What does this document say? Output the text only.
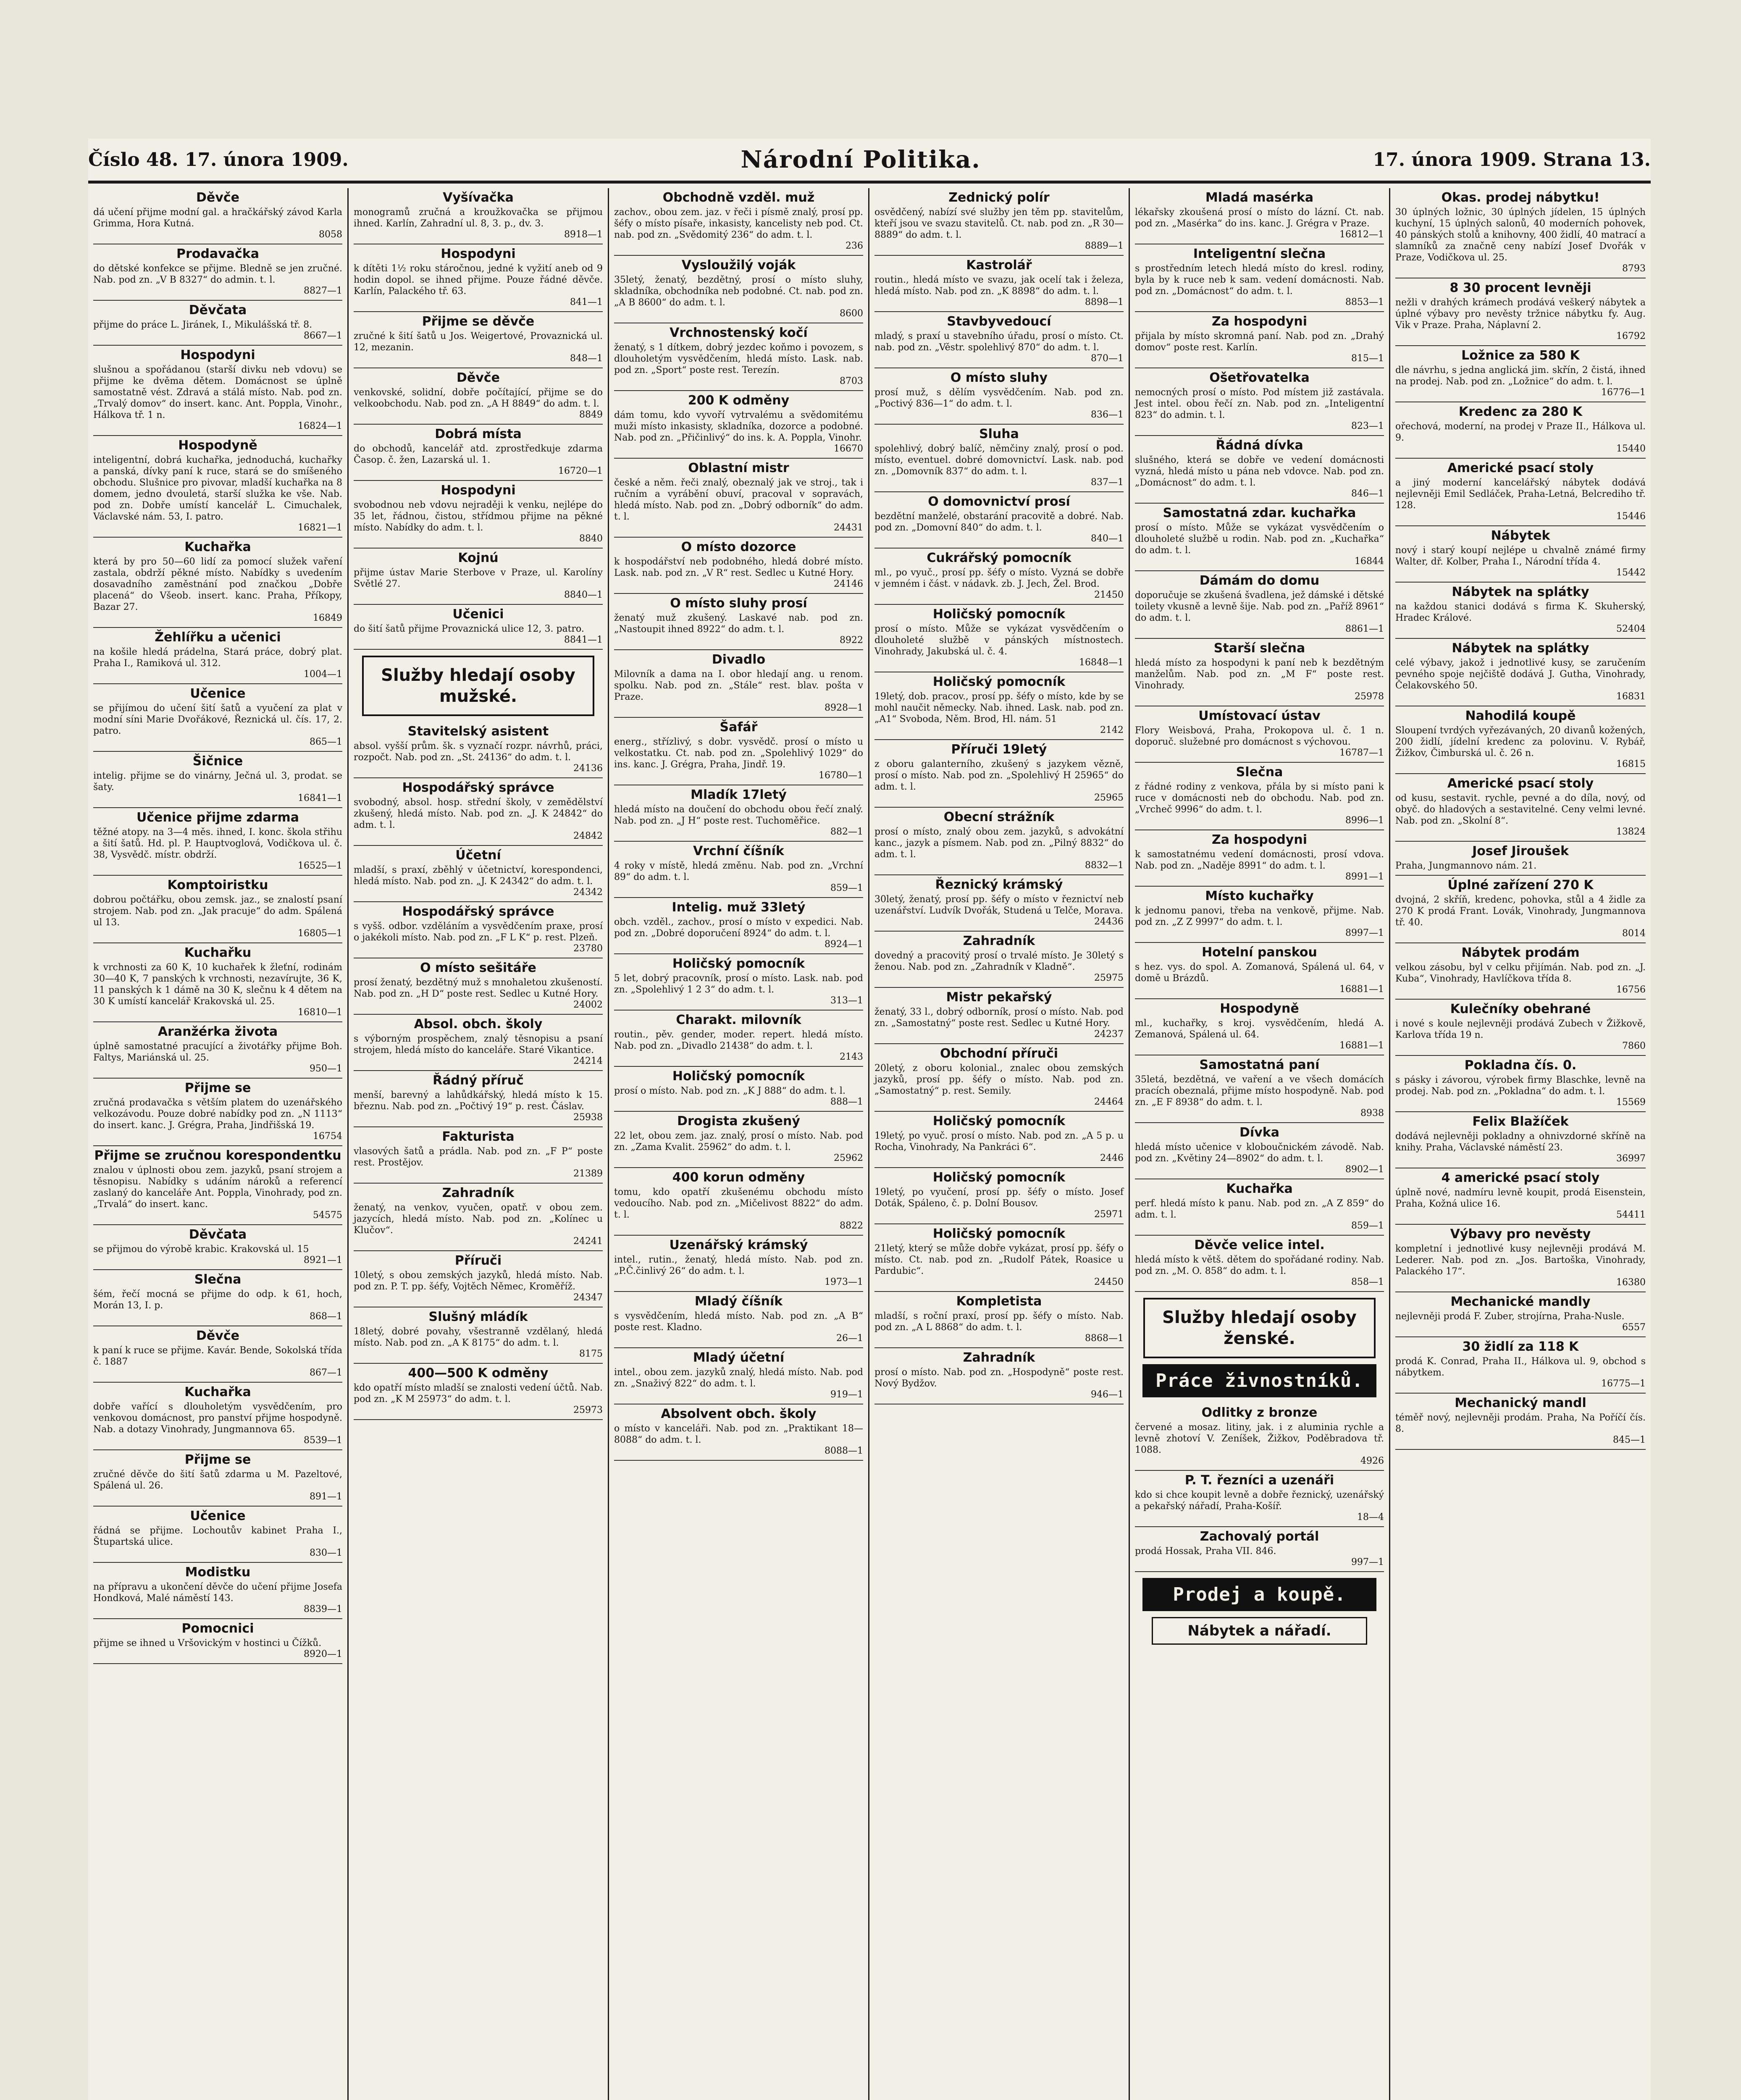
Číslo 48. 17. února 1909.	Národní Politika.	17. února 1909. Strana 13.
Děvče

dá učení přijme modní gal. a hračkářský závod Karla Grimma, Hora Kutná.

8058
Prodavačka

do dětské konfekce se přijme. Bledně se jen zručné. Nab. pod zn. „V B 8327“ do admin. t. l.

8827—1
Děvčata

přijme do práce L. Jiránek, I., Mikulášská tř. 8.

8667—1
Hospodyni

slušnou a spořádanou (starší divku neb vdovu) se přijme ke dvěma dětem. Domácnost se úplně samostatně vést. Zdravá a stálá místo. Nab. pod zn. „Trvalý domov“ do insert. kanc. Ant. Poppla, Vinohr., Hálkova tř. 1 n.

16824—1
Hospodyně

inteligentní, dobrá kuchařka, jednoduchá, kuchařky a panská, dívky paní k ruce, stará se do smíšeného obchodu. Slušnice pro pivovar, mladší kuchařka na 8 domem, jedno dvouletá, starší služka ke vše. Nab. pod zn. Dobře umístí kancelář L. Cimuchalek, Václavské nám. 53, I. patro.

16821—1
Kuchařka

která by pro 50—60 lidí za pomocí služek vaření zastala, obdrží pěkné místo. Nabídky s uvedením dosavadního zaměstnání pod značkou „Dobře placená“ do Všeob. insert. kanc. Praha, Příkopy, Bazar 27.

16849
Žehlířku a učenici

na košile hledá prádelna, Stará práce, dobrý plat. Praha I., Ramiková ul. 312.

1004—1
Učenice

se přijímou do učení šití šatů a vyučení za plat v modní síni Marie Dvořákové, Řeznická ul. čís. 17, 2. patro.

865—1
Šičnice

intelig. přijme se do vinárny, Ječná ul. 3, prodat. se šaty.

16841—1
Učenice přijme zdarma

těžné atopy. na 3—4 měs. ihned, I. konc. škola střihu a šití šatů. Hd. pl. P. Hauptvoglová, Vodičkova ul. č. 38, Vysvědč. místr. obdrží.

16525—1
Komptoiristku

dobrou počtářku, obou zemsk. jaz., se znalostí psaní strojem. Nab. pod zn. „Jak pracuje“ do adm. Spálená ul 13.

16805—1
Kuchařku

k vrchnosti za 60 K, 10 kuchařek k žleťní, rodinám 30—40 K, 7 panských k vrchnosti, nezavírujte, 36 K, 11 panských k 1 dámě na 30 K, slečnu k 4 dětem na 30 K umístí kancelář Krakovská ul. 25.

16810—1
Aranžérka života

úplně samostatné pracující a životářky přijme Boh. Faltys, Mariánská ul. 25.

950—1
Přijme se

zručná prodavačka s větším platem do uzenářského velkozávodu. Pouze dobré nabídky pod zn. „N 1113“ do insert. kanc. J. Grégra, Praha, Jindřišská 19.

16754
Přijme se zručnou korespondentku

znalou v úplnosti obou zem. jazyků, psaní strojem a těsnopisu. Nabídky s udáním nároků a referencí zaslaný do kanceláře Ant. Poppla, Vinohrady, pod zn. „Trvalá“ do insert. kanc.

54575
Děvčata

se přijmou do výrobě krabic. Krakovská ul. 15

8921—1
Slečna

šém, řečí mocná se přijme do odp. k 61, hoch, Morán 13, I. p.

868—1
Děvče

k paní k ruce se přijme. Kavár. Bende, Sokolská třída č. 1887

867—1
Kuchařka

dobře vařící s dlouholetým vysvědčením, pro venkovou domácnost, pro panství přijme hospodyně. Nab. a dotazy Vinohrady, Jungmannova 65.

8539—1
Přijme se

zručné děvče do šití šatů zdarma u M. Pazeltové, Spálená ul. 26.

891—1
Učenice

řádná se přijme. Lochoutův kabinet Praha I., Štupartská ulice.

830—1
Modistku

na přípravu a ukončení děvče do učení přijme Josefa Hondková, Malé náměstí 143.

8839—1
Pomocnici

přijme se ihned u Vršovickým v hostinci u Čížků.

8920—1
Vyšívačka

monogramů zručná a kroužkovačka se přijmou ihned. Karlín, Zahradní ul. 8, 3. p., dv. 3.

8918—1
Hospodyni

k dítěti 1½ roku stáročnou, jedné k vyžití aneb od 9 hodin dopol. se ihned přijme. Pouze řádné děvče. Karlín, Palackého tř. 63.

841—1
Přijme se děvče

zručné k šití šatů u Jos. Weigertové, Provaznická ul. 12, mezanin.

848—1
Děvče

venkovské, solidní, dobře počítající, přijme se do velkoobchodu. Nab. pod zn. „A H 8849“ do adm. t. l.

8849
Dobrá místa

do obchodů, kancelář atd. zprostředkuje zdarma Časop. č. žen, Lazarská ul. 1.

16720—1
Hospodyni

svobodnou neb vdovu nejraději k venku, nejlépe do 35 let, řádnou, čistou, střídmou přijme na pěkné místo. Nabídky do adm. t. l.

8840
Kojnú

přijme ústav Marie Sterbove v Praze, ul. Karolíny Světlé 27.

8840—1
Učenici

do šití šatů přijme Provaznická ulice 12, 3. patro.

8841—1
Služby hledají osoby mužské.
Stavitelský asistent

absol. vyšší prům. šk. s vyznačí rozpr. návrhů, práci, rozpočt. Nab. pod zn. „St. 24136“ do adm. t. l.

24136
Hospodářský správce

svobodný, absol. hosp. střední školy, v zemědělství zkušený, hledá místo. Nab. pod zn. „J. K 24842“ do adm. t. l.

24842
Účetní

mladší, s praxí, zběhlý v účetnictví, korespondenci, hledá místo. Nab. pod zn. „J. K 24342“ do adm. t. l.

24342
Hospodářský správce

s vyšš. odbor. vzděláním a vysvědčením praxe, prosí o jakékoli místo. Nab. pod zn. „F L K“ p. rest. Plzeň.

23780
O místo sešitáře

prosí ženatý, bezdětný muž s mnohaletou zkušeností. Nab. pod zn. „H D“ poste rest. Sedlec u Kutné Hory.

24002
Absol. obch. školy

s výborným prospěchem, znalý těsnopisu a psaní strojem, hledá místo do kanceláře. Staré Vikantice.

24214
Řádný příruč

menší, barevný a lahůdkářský, hledá místo k 15. březnu. Nab. pod zn. „Počtivý 19“ p. rest. Čáslav.

25938
Fakturista

vlasových šatů a prádla. Nab. pod zn. „F P“ poste rest. Prostějov.

21389
Zahradník

ženatý, na venkov, vyučen, opatř. v obou zem. jazycích, hledá místo. Nab. pod zn. „Kolínec u Klučov“.

24241
Příruči

10letý, s obou zemských jazyků, hledá místo. Nab. pod zn. P. T. pp. šéfy, Vojtěch Němec, Kroměříž.

24347
Slušný mládík

18letý, dobré povahy, všestranně vzdělaný, hledá místo. Nab. pod zn. „A K 8175“ do adm. t. l.

8175
400—500 K odměny

kdo opatří místo mladší se znalosti vedení účtů. Nab. pod zn. „K M 25973“ do adm. t. l.

25973
Obchodně vzděl. muž

zachov., obou zem. jaz. v řeči i písmě znalý, prosí pp. šéfy o místo písaře, inkasisty, kancelisty neb pod. Ct. nab. pod zn. „Svědomitý 236“ do adm. t. l.

236
Vysloužilý voják

35letý, ženatý, bezdětný, prosí o místo sluhy, skladníka, obchodníka neb podobné. Ct. nab. pod zn. „A B 8600“ do adm. t. l.

8600
Vrchnostenský kočí

ženatý, s 1 dítkem, dobrý jezdec koňmo i povozem, s dlouholetým vysvědčením, hledá místo. Lask. nab. pod zn. „Sport“ poste rest. Terezín.

8703
200 K odměny

dám tomu, kdo vyvoří vytrvalému a svědomitému muži místo inkasisty, skladníka, dozorce a podobné. Nab. pod zn. „Přičinlivý“ do ins. k. A. Poppla, Vinohr.

16670
Oblastní mistr

české a něm. řeči znalý, obeznalý jak ve stroj., tak i ručním a vyrábění obuví, pracoval v sopravách, hledá místo. Nab. pod zn. „Dobrý odborník“ do adm. t. l.

24431
O místo dozorce

k hospodářství neb podobného, hledá dobré místo. Lask. nab. pod zn. „V R“ rest. Sedlec u Kutné Hory.

24146
O místo sluhy prosí

ženatý muž zkušený. Laskavé nab. pod zn. „Nastoupit ihned 8922“ do adm. t. l.

8922
Divadlo

Milovník a dama na I. obor hledají ang. u renom. spolku. Nab. pod zn. „Stále“ rest. blav. pošta v Praze.

8928—1
Šafář

energ., střízlivý, s dobr. vysvědč. prosí o místo u velkostatku. Ct. nab. pod zn. „Spolehlivý 1029“ do ins. kanc. J. Grégra, Praha, Jindř. 19.

16780—1
Mladík 17letý

hledá místo na doučení do obchodu obou řečí znalý. Nab. pod zn. „J H“ poste rest. Tuchoměřice.

882—1
Vrchní číšník

4 roky v místě, hledá změnu. Nab. pod zn. „Vrchní 89“ do adm. t. l.

859—1
Intelig. muž 33letý

obch. vzděl., zachov., prosí o místo v expedici. Nab. pod zn. „Dobré doporučení 8924“ do adm. t. l.

8924—1
Holičský pomocník

5 let, dobrý pracovník, prosí o místo. Lask. nab. pod zn. „Spolehlivý 1 2 3“ do adm. t. l.

313—1
Charakt. milovník

routin., pěv. gender, moder. repert. hledá místo. Nab. pod zn. „Divadlo 21438“ do adm. t. l.

2143
Holičský pomocník

prosí o místo. Nab. pod zn. „K J 888“ do adm. t. l.

888—1
Drogista zkušený

22 let, obou zem. jaz. znalý, prosí o místo. Nab. pod zn. „Zama Kvalit. 25962“ do adm. t. l.

25962
400 korun odměny

tomu, kdo opatří zkušenému obchodu místo vedoucího. Nab. pod zn. „Mičelivost 8822“ do adm. t. l.

8822
Uzenářský krámský

intel., rutin., ženatý, hledá místo. Nab. pod zn. „P.Č.činlivý 26“ do adm. t. l.

1973—1
Mladý číšník

s vysvědčením, hledá místo. Nab. pod zn. „A B“ poste rest. Kladno.

26—1
Mladý účetní

intel., obou zem. jazyků znalý, hledá místo. Nab. pod zn. „Snaživý 822“ do adm. t. l.

919—1
Absolvent obch. školy

o místo v kanceláři. Nab. pod zn. „Praktikant 18—8088“ do adm. t. l.

8088—1
Zednický polír

osvědčený, nabízí své služby jen těm pp. stavitelům, kteří jsou ve svazu stavitelů. Ct. nab. pod zn. „R 30—8889“ do adm. t. l.

8889—1
Kastrolář

routin., hledá místo ve svazu, jak ocelí tak i železa, hledá místo. Nab. pod zn. „K 8898“ do adm. t. l.

8898—1
Stavbyvedoucí

mladý, s praxí u stavebního úřadu, prosí o místo. Ct. nab. pod zn. „Věstr. spolehlivý 870“ do adm. t. l.

870—1
O místo sluhy

prosí muž, s dělím vysvědčením. Nab. pod zn. „Poctivý 836—1“ do adm. t. l.

836—1
Sluha

spolehlivý, dobrý balíč, němčiny znalý, prosí o pod. místo, eventuel. dobré domovnictví. Lask. nab. pod zn. „Domovník 837“ do adm. t. l.

837—1
O domovnictví prosí

bezdětní manželé, obstarání pracovitě a dobré. Nab. pod zn. „Domovní 840“ do adm. t. l.

840—1
Cukrářský pomocník

ml., po vyuč., prosí pp. šéfy o místo. Vyzná se dobře v jemném i část. v nádavk. zb. J. Jech, Žel. Brod.

21450
Holičský pomocník

prosí o místo. Může se vykázat vysvědčením o dlouholeté službě v pánských místnostech. Vinohrady, Jakubská ul. č. 4.

16848—1
Holičský pomocník

19letý, dob. pracov., prosí pp. šéfy o místo, kde by se mohl naučit německy. Nab. ihned. Lask. nab. pod zn. „A1“ Svoboda, Něm. Brod, Hl. nám. 51

2142
Příruči 19letý

z oboru galanterního, zkušený s jazykem vězně, prosí o místo. Nab. pod zn. „Spolehlivý H 25965“ do adm. t. l.

25965
Obecní strážník

prosí o místo, znalý obou zem. jazyků, s advokátní kanc., jazyk a písmem. Nab. pod zn. „Pilný 8832“ do adm. t. l.

8832—1
Řeznický krámský

30letý, ženatý, prosí pp. šéfy o místo v řeznictví neb uzenářství. Ludvík Dvořák, Studená u Telče, Morava.

24436
Zahradník

dovedný a pracovitý prosí o trvalé místo. Je 30letý s ženou. Nab. pod zn. „Zahradník v Kladně“.

25975
Mistr pekařský

ženatý, 33 l., dobrý odborník, prosí o místo. Nab. pod zn. „Samostatný“ poste rest. Sedlec u Kutné Hory.

24237
Obchodní příruči

20letý, z oboru kolonial., znalec obou zemských jazyků, prosí pp. šéfy o místo. Nab. pod zn. „Samostatný“ p. rest. Semily.

24464
Holičský pomocník

19letý, po vyuč. prosí o místo. Nab. pod zn. „A 5 p. u Rocha, Vinohrady, Na Pankráci 6“.

2446
Holičský pomocník

19letý, po vyučení, prosí pp. šéfy o místo. Josef Doták, Spáleno, č. p. Dolní Bousov.

25971
Holičský pomocník

21letý, který se může dobře vykázat, prosí pp. šéfy o místo. Ct. nab. pod zn. „Rudolf Pátek, Roasice u Pardubic“.

24450
Kompletista

mladší, s roční praxí, prosí pp. šéfy o místo. Nab. pod zn. „A L 8868“ do adm. t. l.

8868—1
Zahradník

prosí o místo. Nab. pod zn. „Hospodyně“ poste rest. Nový Bydžov.

946—1
Mladá masérka

lékařsky zkoušená prosí o místo do lázní. Ct. nab. pod zn. „Masérka“ do ins. kanc. J. Grégra v Praze.

16812—1
Inteligentní slečna

s prostředním letech hledá místo do kresl. rodiny, byla by k ruce neb k sam. vedení domácnosti. Nab. pod zn. „Domácnost“ do adm. t. l.

8853—1
Za hospodyni

přijala by místo skromná paní. Nab. pod zn. „Drahý domov“ poste rest. Karlín.

815—1
Ošetřovatelka

nemocných prosí o místo. Pod místem již zastávala. Jest intel. obou řečí zn. Nab. pod zn. „Inteligentní 823“ do admin. t. l.

823—1
Řádná dívka

slušného, která se dobře ve vedení domácnosti vyzná, hledá místo u pána neb vdovce. Nab. pod zn. „Domácnost“ do adm. t. l.

846—1
Samostatná zdar. kuchařka

prosí o místo. Může se vykázat vysvědčením o dlouholeté službě u rodin. Nab. pod zn. „Kuchařka“ do adm. t. l.

16844
Dámám do domu

doporučuje se zkušená švadlena, jež dámské i dětské toilety vkusně a levně šije. Nab. pod zn. „Paříž 8961“ do adm. t. l.

8861—1
Starší slečna

hledá místo za hospodyni k paní neb k bezdětným manželům. Nab. pod zn. „M F“ poste rest. Vinohrady.

25978
Umístovací ústav

Flory Weisbová, Praha, Prokopova ul. č. 1 n. doporuč. služebné pro domácnost s výchovou.

16787—1
Slečna

z řádné rodiny z venkova, přála by si místo pani k ruce v domácnosti neb do obchodu. Nab. pod zn. „Vrcheč 9996“ do adm. t. l.

8996—1
Za hospodyni

k samostatnému vedení domácnosti, prosí vdova. Nab. pod zn. „Naděje 8991“ do adm. t. l.

8991—1
Místo kuchařky

k jednomu panovi, třeba na venkově, přijme. Nab. pod zn. „Z Z 9997“ do adm. t. l.

8997—1
Hotelní panskou

s hez. vys. do spol. A. Zomanová, Spálená ul. 64, v domě u Brázdů.

16881—1
Hospodyně

ml., kuchařky, s kroj. vysvědčením, hledá A. Zemanová, Spálená ul. 64.

16881—1
Samostatná paní

35letá, bezdětná, ve vaření a ve všech domácích pracích obeznalá, přijme místo hospodyně. Nab. pod zn. „E F 8938“ do adm. t. l.

8938
Dívka

hledá místo učenice v kloboučnickém závodě. Nab. pod zn. „Květiny 24—8902“ do adm. t. l.

8902—1
Kuchařka

perf. hledá místo k panu. Nab. pod zn. „A Z 859“ do adm. t. l.

859—1
Děvče velice intel.

hledá místo k větš. dětem do spořádané rodiny. Nab. pod zn. „M. O. 858“ do adm. t. l.

858—1
Služby hledají osoby ženské.
Práce živnostníků.
Odlitky z bronze

červené a mosaz. litiny, jak. i z aluminia rychle a levně zhotoví V. Zeníšek, Žižkov, Poděbradova tř. 1088.

4926
P. T. řezníci a uzenáři

kdo si chce koupit levně a dobře řeznický, uzenářský a pekařský nářadí, Praha-Košíř.

18—4
Zachovalý portál

prodá Hossak, Praha VII. 846.

997—1
Prodej a koupě.
Nábytek a nářadí.
Okas. prodej nábytku!

30 úplných ložnic, 30 úplných jídelen, 15 úplných kuchyní, 15 úplných salonů, 40 moderních pohovek, 40 pánských stolů a knihovny, 400 židlí, 40 matrací a slamníků za značně ceny nabízí Josef Dvořák v Praze, Vodičkova ul. 25.

8793
8 30 procent levněji

nežli v drahých krámech prodává veškerý nábytek a úplné výbavy pro nevěsty tržnice nábytku fy. Aug. Vik v Praze. Praha, Náplavní 2.

16792
Ložnice za 580 K

dle návrhu, s jedna anglická jim. skřín, 2 čistá, ihned na prodej. Nab. pod zn. „Ložnice“ do adm. t. l.

16776—1
Kredenc za 280 K

ořechová, moderní, na prodej v Praze II., Hálkova ul. 9.

15440
Americké psací stoly

a jiný moderní kancelářský nábytek dodává nejlevněji Emil Sedláček, Praha-Letná, Belcrediho tř. 128.

15446
Nábytek

nový i starý koupí nejlépe u chvalně známé firmy Walter, dř. Kolber, Praha I., Národní třída 4.

15442
Nábytek na splátky

na každou stanici dodává s firma K. Skuherský, Hradec Králové.

52404
Nábytek na splátky

celé výbavy, jakož i jednotlivé kusy, se zaručením pevného spoje nejčiště dodává J. Gutha, Vinohrady, Čelakovského 50.

16831
Nahodilá koupě

Sloupení tvrdých vyřezávaných, 20 divanů kožených, 200 židlí, jídelní kredenc za polovinu. V. Rybář, Žižkov, Čimburská ul. č. 26 n.

16815
Americké psací stoly

od kusu, sestavit. rychle, pevné a do díla, nový, od obyč. do hladových a sestavitelné. Ceny velmi levné. Nab. pod zn. „Skolní 8“.

13824
Josef Jiroušek

Praha, Jungmannovo nám. 21.

Úplné zařízení 270 K

dvojná, 2 skříň, kredenc, pohovka, stůl a 4 židle za 270 K prodá Frant. Lovák, Vinohrady, Jungmannova tř. 40.

8014
Nábytek prodám

velkou zásobu, byl v celku přijímán. Nab. pod zn. „J. Kuba“, Vinohrady, Havlíčkova třída 8.

16756
Kulečníky obehrané

i nové s koule nejlevněji prodává Zubech v Žižkově, Karlova třída 19 n.

7860
Pokladna čís. 0.

s pásky i závorou, výrobek firmy Blaschke, levně na prodej. Nab. pod zn. „Pokladna“ do adm. t. l.

15569
Felix Blažíček

dodává nejlevněji pokladny a ohnivzdorné skříně na knihy. Praha, Václavské náměstí 23.

36997
4 americké psací stoly

úplně nové, nadmíru levně koupit, prodá Eisenstein, Praha, Kožná ulice 16.

54411
Výbavy pro nevěsty

kompletní i jednotlivé kusy nejlevněji prodává M. Lederer. Nab. pod zn. „Jos. Bartoška, Vinohrady, Palackého 17“.

16380
Mechanické mandly

nejlevněji prodá F. Zuber, strojírna, Praha-Nusle.

6557
30 židlí za 118 K

prodá K. Conrad, Praha II., Hálkova ul. 9, obchod s nábytkem.

16775—1
Mechanický mandl

téměř nový, nejlevněji prodám. Praha, Na Poříčí čís. 8.

845—1
